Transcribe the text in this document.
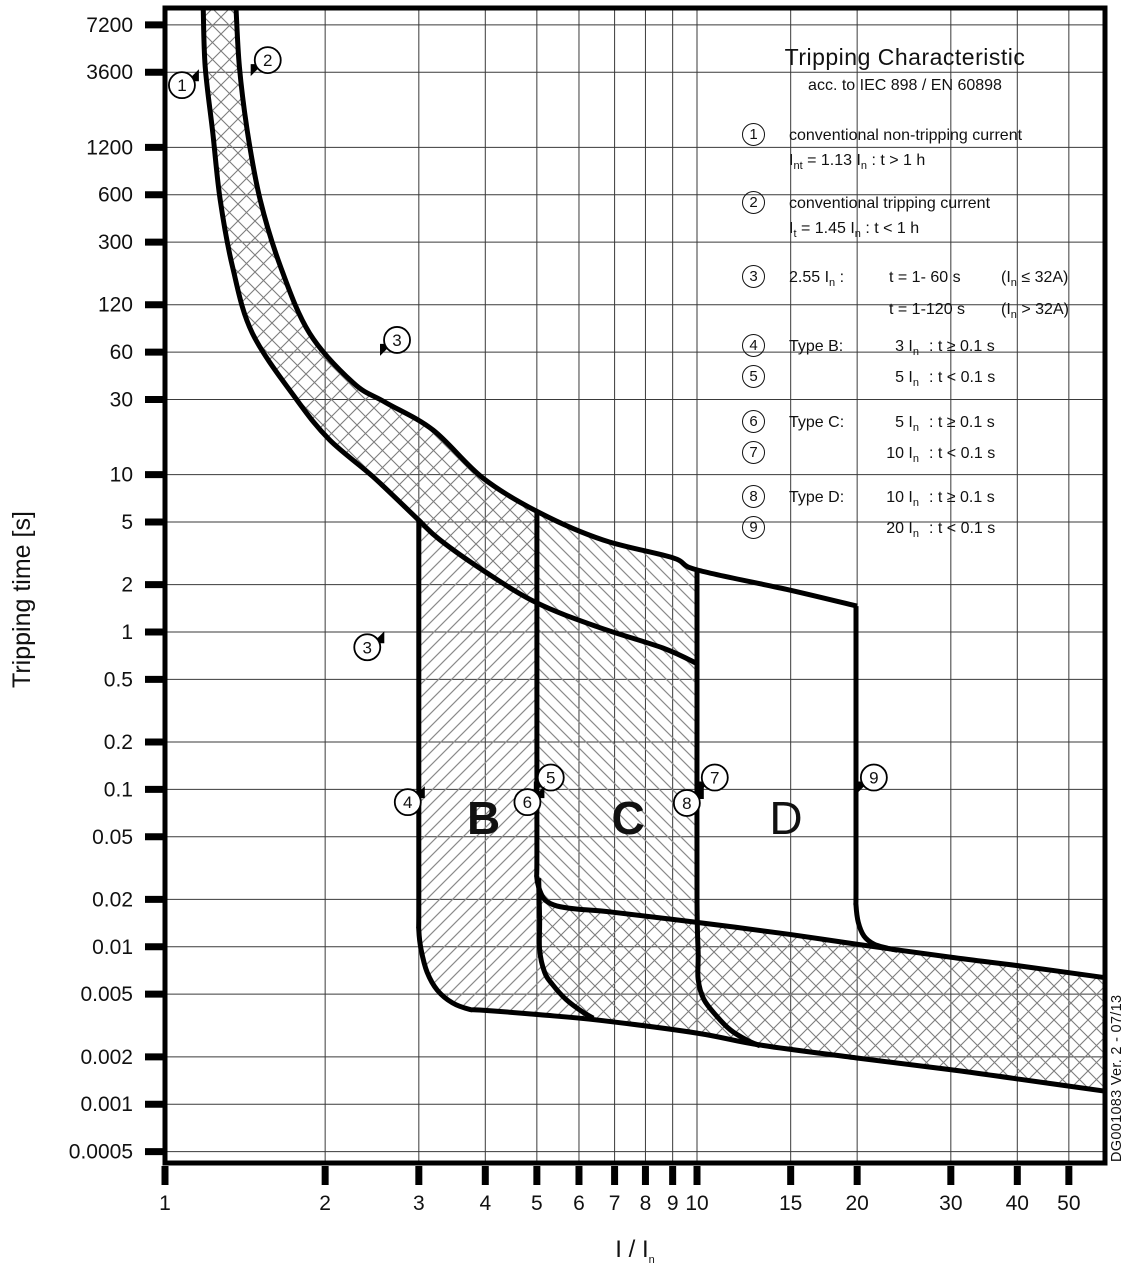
1	2	3	4 5 6 7 8 9 10	15 20	30 40 50
7200
3600
1200
600
300
120
60
30
10
5
2
1
0.5
0.2
0.1
0.05
0.02
0.01
0.005
0.002
0.001
0.0005
1
2
3
3
4
5
6
7
8
9
B C	D
Tripping Characteristic
acc. to IEC 898 / EN 60898
1	conventional non-tripping current
$I_{nt} = 1.13$ $I_n$ : t > 1 h
2	conventional tripping current
$I_t = 1.45$ $I_n$ : t < 1 h
3	2.55 $I_n$ :	t = 1- 60 s	$(I_n \le 32A)$
t = 1-120 s	$(I_n > 32A)$
4	Type B:	3 $I_n$ : t ≥ 0.1 s
5	5 $I_n$ : t < 0.1 s
6	Type C:	5 $I_n$ : t ≥ 0.1 s
7	10 $I_n$ : t < 0.1 s
8	Type D:	10 $I_n$ : t ≥ 0.1 s
9	20 $I_n$ : t < 0.1 s
Tripping time [s]
I / $I_n$
DG001083 Ver. 2 - 07/13
